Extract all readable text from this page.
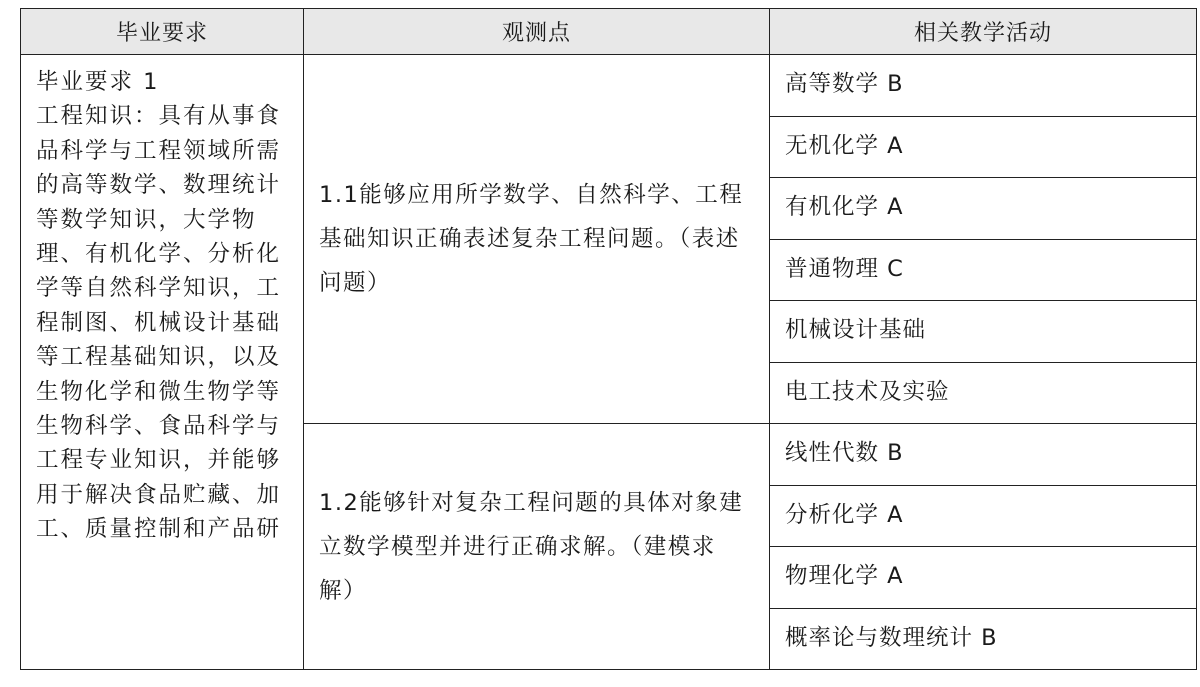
毕业要求	观测点	相关教学活动

毕业要求 1
工程知识：具有从事食品科学与工程领域所需的高等数学、数理统计等数学知识，大学物理、有机化学、分析化学等自然科学知识，工程制图、机械设计基础等工程基础知识，以及生物化学和微生物学等生物科学、食品科学与工程专业知识，并能够用于解决食品贮藏、加工、质量控制和产品研	1.1能够应用所学数学、自然科学、工程基础知识正确表述复杂工程问题。（表述问题）	高等数学 B

		无机化学 A

		有机化学 A

		普通物理 C

		机械设计基础

		电工技术及实验

	1.2能够针对复杂工程问题的具体对象建立数学模型并进行正确求解。（建模求解）	线性代数 B

		分析化学 A

		物理化学 A

		概率论与数理统计 B
